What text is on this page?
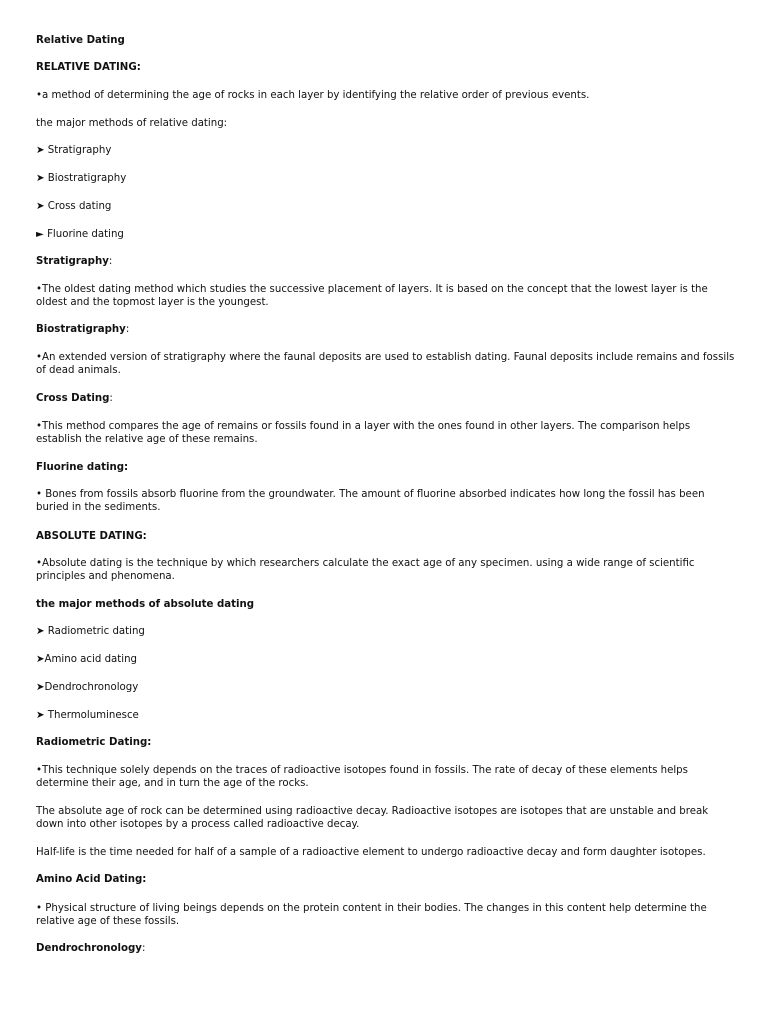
Relative Dating
RELATIVE DATING:
•a method of determining the age of rocks in each layer by identifying the relative order of previous events.
the major methods of relative dating:
➤ Stratigraphy
➤ Biostratigraphy
➤ Cross dating
► Fluorine dating
Stratigraphy:
•The oldest dating method which studies the successive placement of layers. It is based on the concept that the lowest layer is the oldest and the topmost layer is the youngest.
Biostratigraphy:
•An extended version of stratigraphy where the faunal deposits are used to establish dating. Faunal deposits include remains and fossils of dead animals.
Cross Dating:
•This method compares the age of remains or fossils found in a layer with the ones found in other layers. The comparison helps establish the relative age of these remains.
Fluorine dating:
• Bones from fossils absorb fluorine from the groundwater. The amount of fluorine absorbed indicates how long the fossil has been buried in the sediments.
ABSOLUTE DATING:
•Absolute dating is the technique by which researchers calculate the exact age of any specimen. using a wide range of scientific principles and phenomena.
the major methods of absolute dating
➤ Radiometric dating
➤Amino acid dating
➤Dendrochronology
➤ Thermoluminesce
Radiometric Dating:
•This technique solely depends on the traces of radioactive isotopes found in fossils. The rate of decay of these elements helps determine their age, and in turn the age of the rocks.
The absolute age of rock can be determined using radioactive decay. Radioactive isotopes are isotopes that are unstable and break down into other isotopes by a process called radioactive decay.
Half-life is the time needed for half of a sample of a radioactive element to undergo radioactive decay and form daughter isotopes.
Amino Acid Dating:
• Physical structure of living beings depends on the protein content in their bodies. The changes in this content help determine the relative age of these fossils.
Dendrochronology:
